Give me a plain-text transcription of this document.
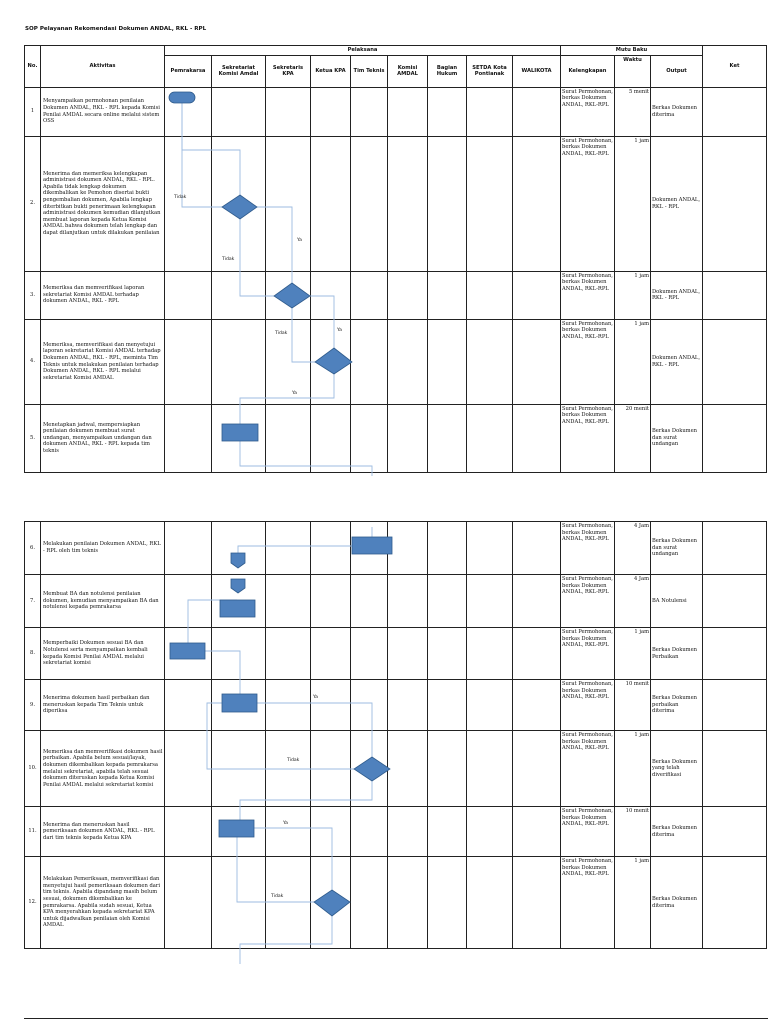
SOP Pelayanan Rekomendasi Dokumen ANDAL, RKL - RPL
No.	Aktivitas	Pelaksana									Mutu Baku			Ket
		Pemrakarsa	Sekretariat Komisi Amdal	Sekretaris KPA	Ketua KPA	Tim Teknis	Komisi AMDAL	Bagian Hukum	SETDA Kota Pontianak	WALIKOTA	Kelengkapan	Waktu	Output	
1	Menyampaikan permohonan penilaian Dokumen ANDAL, RKL - RPL kepada Komisi Penilai AMDAL secara online melalui sistem OSS										Surat Permohonan, berkas Dokumen ANDAL, RKL-RPL	5 menit	Berkas Dokumen diterima	
2.	Menerima dan memeriksa kelengkapan administrasi dokumen ANDAL, RKL - RPL. Apabila tidak lengkap dokumen dikembalikan ke Pemohon disertai bukti pengembalian dokumen, Apabila lengkap diterbitkan bukti penerimaan kelengkapan administrasi dokumen kemudian dilanjutkan membuat laporan kepada Ketua Komisi AMDAL bahwa dokumen telah lengkap dan dapat dilanjutkan untuk dilakukan penilaian										Surat Permohonan, berkas Dokumen ANDAL, RKL-RPL	1 jam	Dokumen ANDAL, RKL - RPL	
3.	Memeriksa dan memverifikasi laporan sekretariat Komisi AMDAL terhadap dokumen ANDAL, RKL - RPL										Surat Permohonan, berkas Dokumen ANDAL, RKL-RPL	1 jam	Dokumen ANDAL, RKL - RPL	
4.	Memeriksa, memverifikasi dan menyetujui laporan sekretariat Komisi AMDAL terhadap Dokumen ANDAL, RKL - RPL, meminta Tim Teknis untuk melakukan penilaian terhadap Dokumen ANDAL, RKL - RPL melalui sekretariat Komisi AMDAL										Surat Permohonan, berkas Dokumen ANDAL, RKL-RPL	1 jam	Dokumen ANDAL, RKL - RPL	
5.	Menetapkan jadwal, mempersiapkan penilaian dokumen membuat surat undangan, menyampaikan undangan dan dokumen ANDAL, RKL - RPL kepada tim teknis										Surat Permohonan, berkas Dokumen ANDAL, RKL-RPL	20 menit	Berkas Dokumen dan surat undangan	
6.	Melakukan penilaian Dokumen ANDAL, RKL - RPL oleh tim teknis										Surat Permohonan, berkas Dokumen ANDAL, RKL-RPL	4 Jam	Berkas Dokumen dan surat undangan	
7.	Membuat BA dan notulensi penilaian dokumen, kemudian menyampaikan BA dan notulensi kepada pemrakarsa										Surat Permohonan, berkas Dokumen ANDAL, RKL-RPL	4 Jam	BA Notulensi	
8.	Memperbaiki Dokumen sesuai BA dan Notulensi serta menyampaikan kembali kepada Komisi Penilai AMDAL melalui sekretariat komisi										Surat Permohonan, berkas Dokumen ANDAL, RKL-RPL	1 jam	Berkas Dokumen Perbaikan	
9.	Menerima dokumen hasil perbaikan dan meneruskan kepada Tim Teknis untuk diperiksa										Surat Permohonan, berkas Dokumen ANDAL, RKL-RPL	10 menit	Berkas Dokumen perbaikan diterima	
10.	Memeriksa dan memverifikasi dokumen hasil perbaikan. Apabila belum sesuai/layak, dokumen dikembalikan kepada pemrakarsa melalui sekretariat, apabila telah sesuai dokumen diteruskan kepada Ketua Komisi Penilai AMDAL melalui sekretariat komisi										Surat Permohonan, berkas Dokumen ANDAL, RKL-RPL	1 jam	Berkas Dokumen yang telah diverifikasi	
11.	Menerima dan meneruskan hasil pemeriksaan dokumen ANDAL, RKL - RPL dari tim teknis kepada Ketua KPA										Surat Permohonan, berkas Dokumen ANDAL, RKL-RPL	10 menit	Berkas Dokumen diterima	
12.	Melakukan Pemeriksaan, memverifikasi dan menyetujui hasil pemeriksaan dokumen dari tim teknis. Apabila dipandang masih belum sesuai, dokumen dikembalikan ke pemrakarsa. Apabila sudah sesuai, Ketua KPA menyerahkan kepada sekretariat KPA untuk dijadwalkan penilaian oleh Komisi AMDAL										Surat Permohonan, berkas Dokumen ANDAL, RKL-RPL	1 jam	Berkas Dokumen diterima	
Tidak
Ya
Tidak
Tidak
Ya
Ya
Ya
Tidak
Ya
Tidak
